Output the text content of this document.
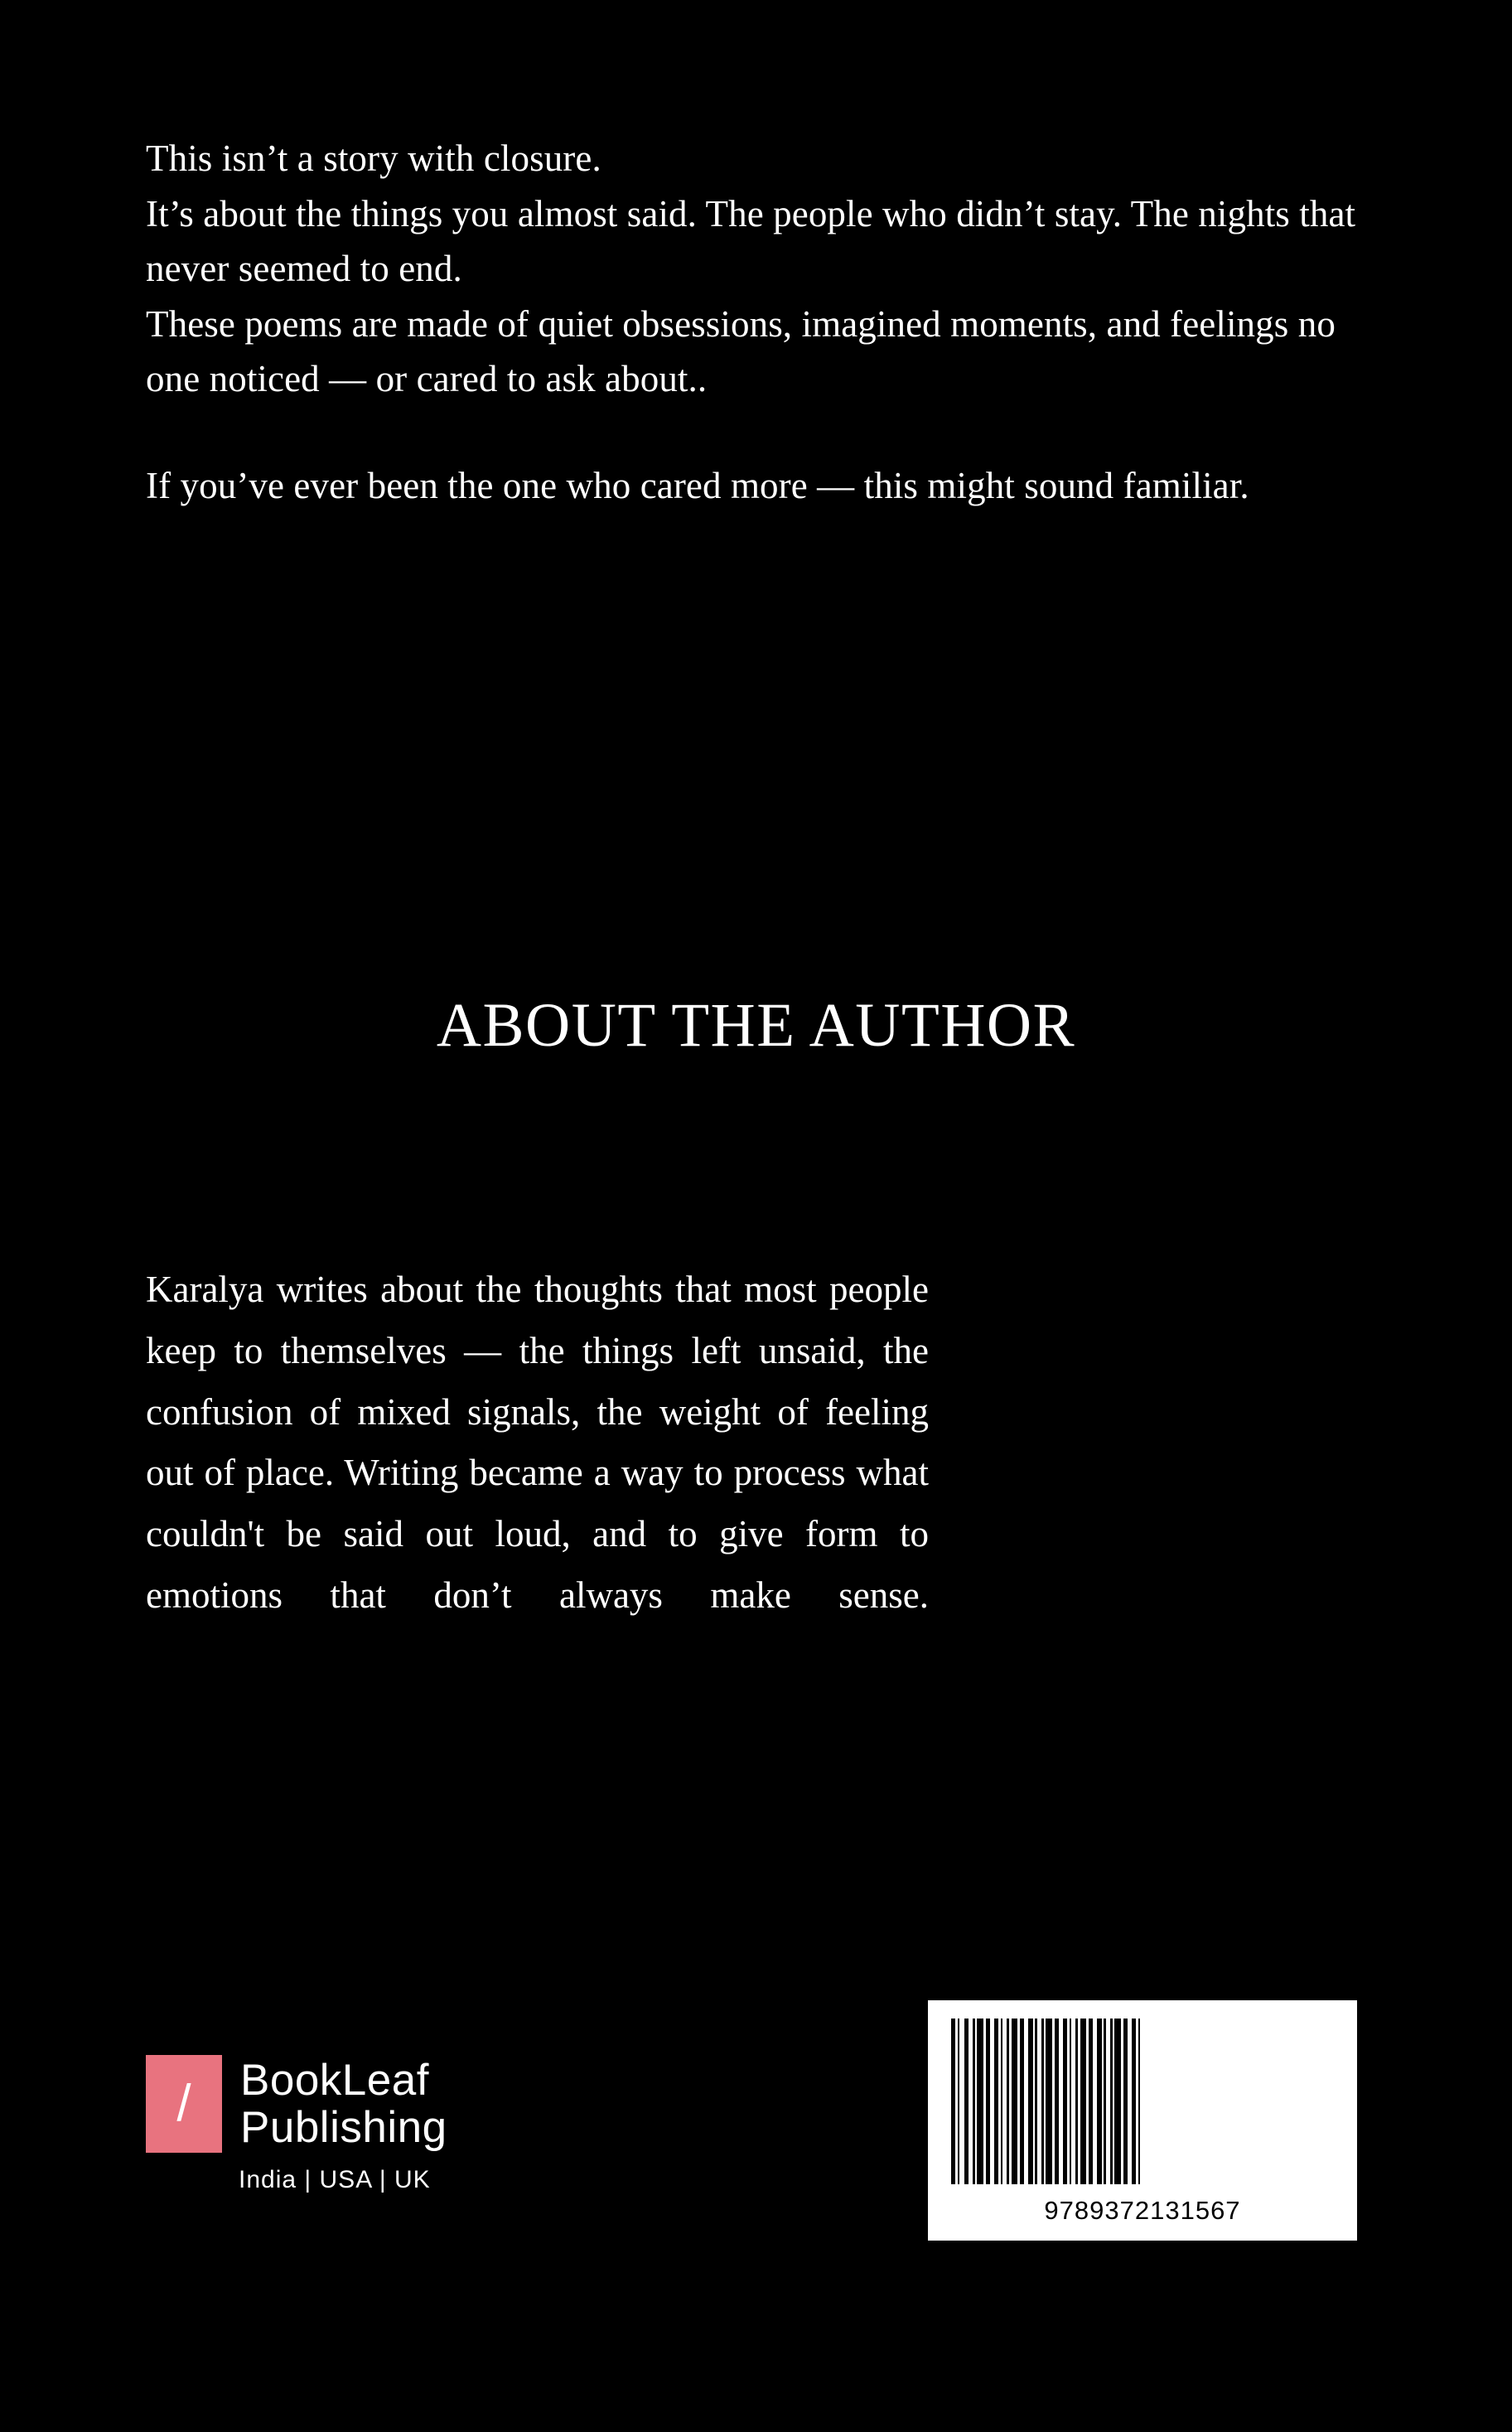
This isn’t a story with closure.
It’s about the things you almost said. The people who didn’t stay. The nights that never seemed to end.
These poems are made of quiet obsessions, imagined moments, and feelings no one noticed — or cared to ask about..

If you’ve ever been the one who cared more — this might sound familiar.

ABOUT THE AUTHOR

Karalya writes about the thoughts that most people keep to themselves — the things left unsaid, the confusion of mixed signals, the weight of feeling out of place. Writing became a way to process what couldn't be said out loud, and to give form to emotions that don’t always make sense.

/	BookLeaf
Publishing
India | USA | UK
9789372131567
